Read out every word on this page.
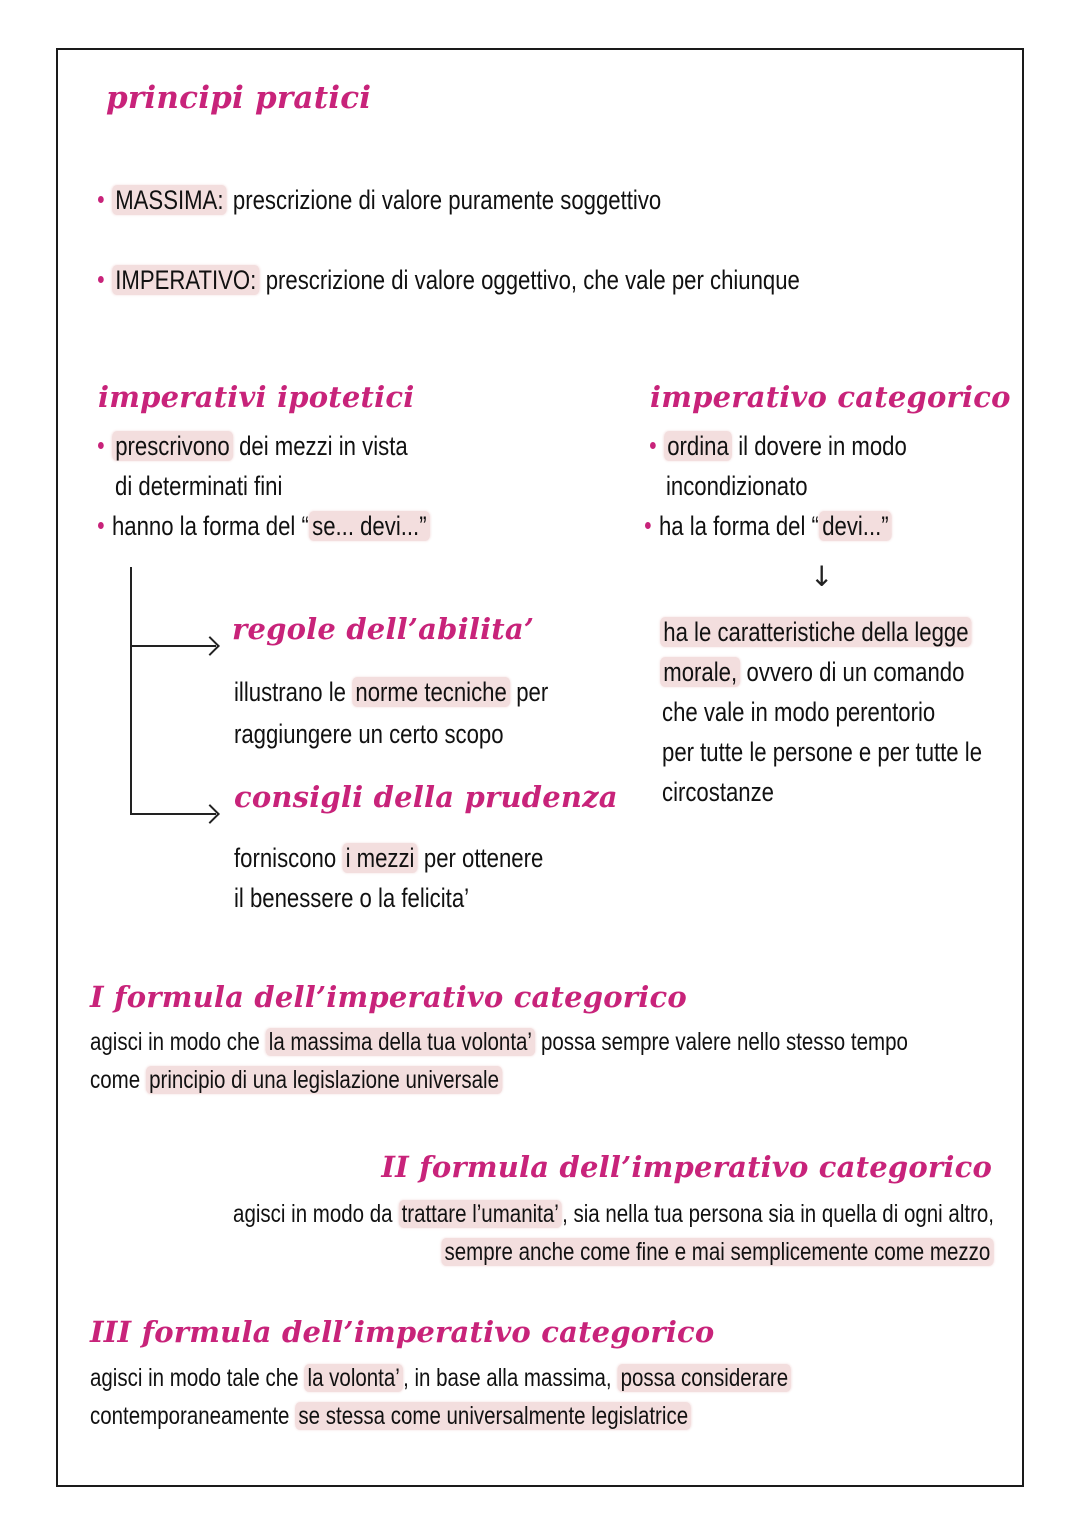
principi pratici
MASSIMA: prescrizione di valore puramente soggettivo
IMPERATIVO: prescrizione di valore oggettivo, che vale per chiunque
imperativi ipotetici
prescrivono dei mezzi in vista
di determinati fini
hanno la forma del “ se... devi...”
regole dell’abilita’
illustrano le norme tecniche per
raggiungere un certo scopo
consigli della prudenza
forniscono i mezzi per ottenere
il benessere o la felicita’
imperativo categorico
ordina il dovere in modo
incondizionato
ha la forma del “ devi...”
↓
ha le caratteristiche della legge
morale, ovvero di un comando
che vale in modo perentorio
per tutte le persone e per tutte le
circostanze
I formula dell’imperativo categorico
agisci in modo che la massima della tua volonta’ possa sempre valere nello stesso tempo
come principio di una legislazione universale
II formula dell’imperativo categorico
agisci in modo da trattare l’umanita’ , sia nella tua persona sia in quella di ogni altro,
sempre anche come fine e mai semplicemente come mezzo
III formula dell’imperativo categorico
agisci in modo tale che la volonta’ , in base alla massima, possa considerare
contemporaneamente se stessa come universalmente legislatrice
